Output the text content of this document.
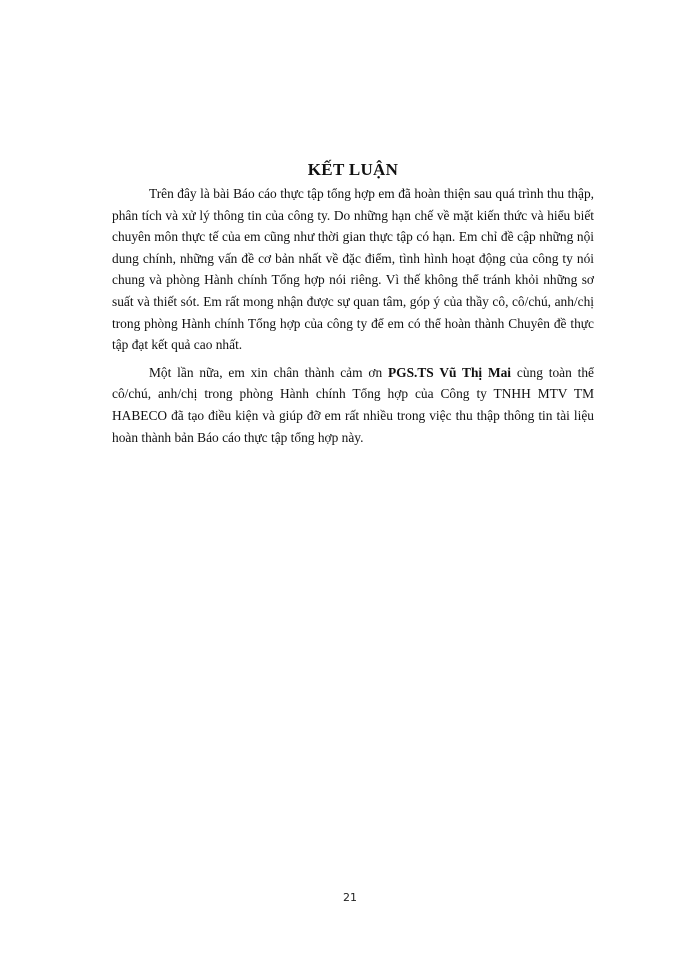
KẾT LUẬN

Trên đây là bài Báo cáo thực tập tổng hợp em đã hoàn thiện sau quá trình thu thập, phân tích và xử lý thông tin của công ty. Do những hạn chế về mặt kiến thức và hiểu biết chuyên môn thực tế của em cũng như thời gian thực tập có hạn. Em chỉ đề cập những nội dung chính, những vấn đề cơ bản nhất về đặc điểm, tình hình hoạt động của công ty nói chung và phòng Hành chính Tổng hợp nói riêng. Vì thế không thể tránh khỏi những sơ suất và thiết sót. Em rất mong nhận được sự quan tâm, góp ý của thầy cô, cô/chú, anh/chị trong phòng Hành chính Tổng hợp của công ty để em có thể hoàn thành Chuyên đề thực tập đạt kết quả cao nhất.

Một lần nữa, em xin chân thành cảm ơn PGS.TS Vũ Thị Mai cùng toàn thể cô/chú, anh/chị trong phòng Hành chính Tổng hợp của Công ty TNHH MTV TM HABECO đã tạo điều kiện và giúp đỡ em rất nhiều trong việc thu thập thông tin tài liệu hoàn thành bản Báo cáo thực tập tổng hợp này.

21
